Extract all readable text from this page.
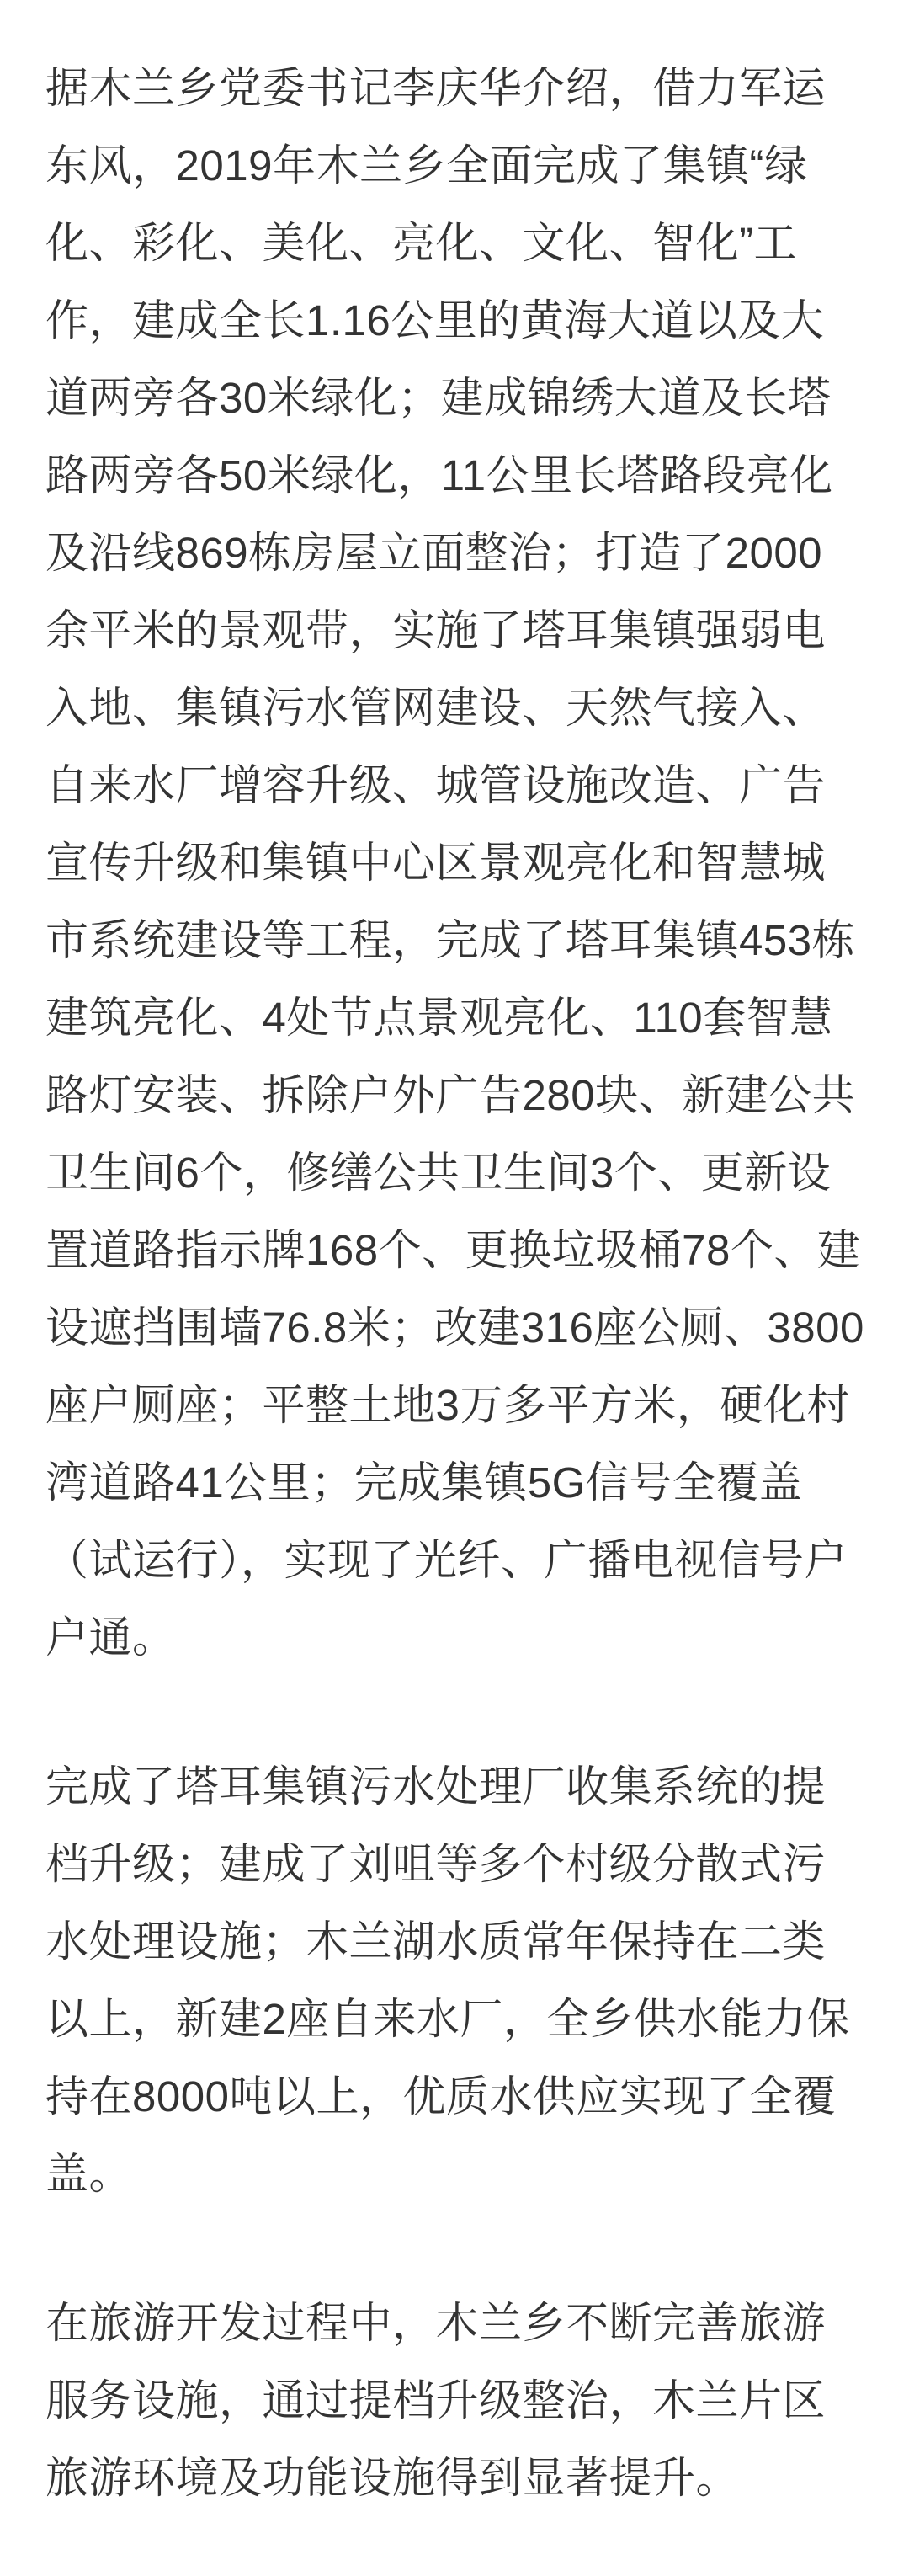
据木兰乡党委书记李庆华介绍，借力军运东风，2019年木兰乡全面完成了集镇“绿化、彩化、美化、亮化、文化、智化”工作，建成全长1.16公里的黄海大道以及大道两旁各30米绿化；建成锦绣大道及长塔路两旁各50米绿化，11公里长塔路段亮化及沿线869栋房屋立面整治；打造了2000余平米的景观带，实施了塔耳集镇强弱电入地、集镇污水管网建设、天然气接入、自来水厂增容升级、城管设施改造、广告宣传升级和集镇中心区景观亮化和智慧城市系统建设等工程，完成了塔耳集镇453栋建筑亮化、4处节点景观亮化、110套智慧路灯安装、拆除户外广告280块、新建公共卫生间6个，修缮公共卫生间3个、更新设置道路指示牌168个、更换垃圾桶78个、建设遮挡围墙76.8米；改建316座公厕、3800座户厕座；平整土地3万多平方米，硬化村湾道路41公里；完成集镇5G信号全覆盖（试运行），实现了光纤、广播电视信号户户通。

完成了塔耳集镇污水处理厂收集系统的提档升级；建成了刘咀等多个村级分散式污水处理设施；木兰湖水质常年保持在二类以上，新建2座自来水厂，全乡供水能力保持在8000吨以上，优质水供应实现了全覆盖。

在旅游开发过程中，木兰乡不断完善旅游服务设施，通过提档升级整治，木兰片区旅游环境及功能设施得到显著提升。
